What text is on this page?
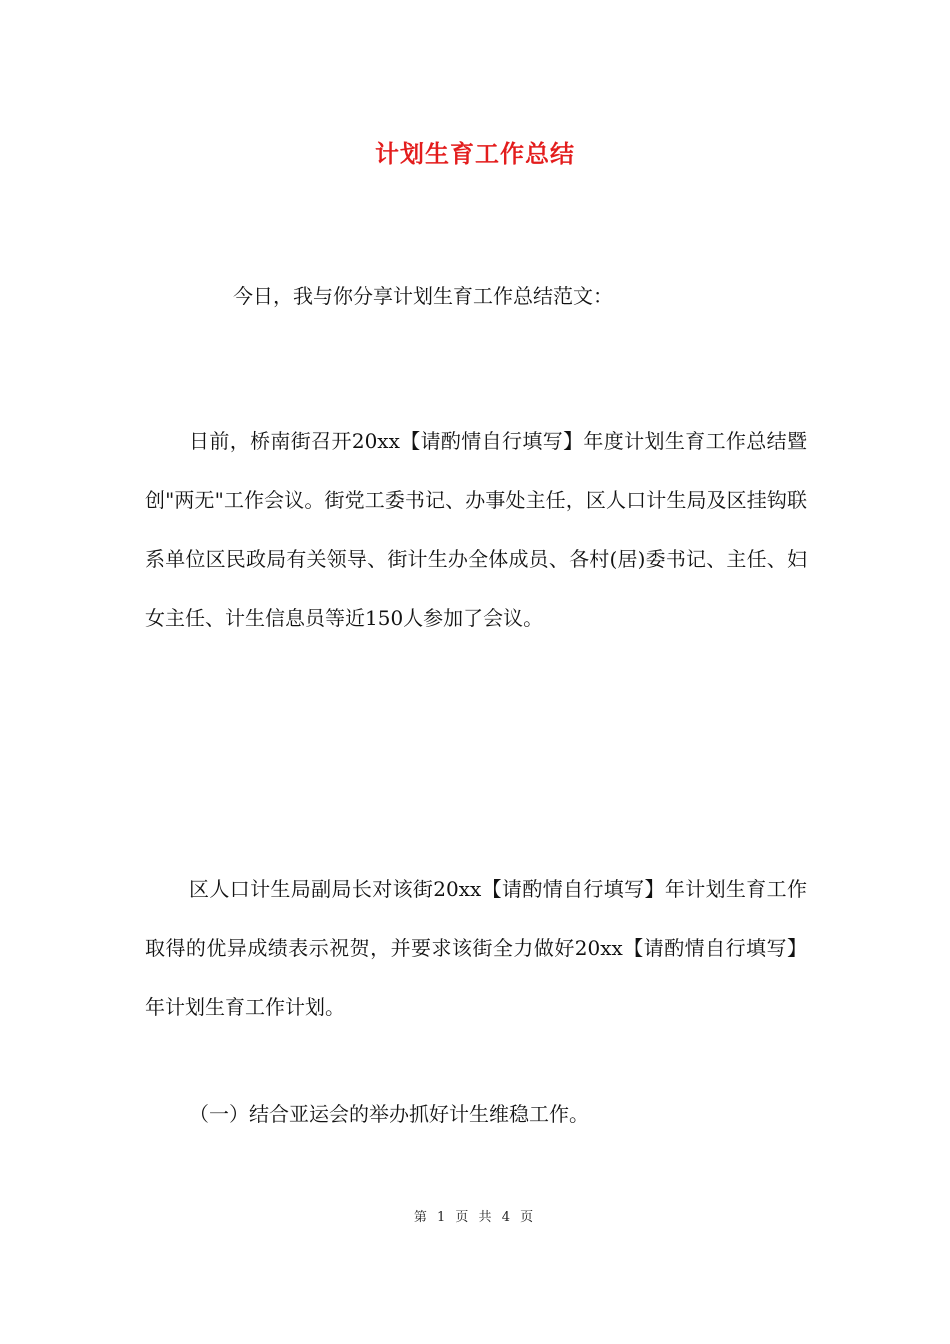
计划生育工作总结

今日，我与你分享计划生育工作总结范文：

日前，桥南街召开20xx【请酌情自行填写】年度计划生育工作总结暨创"两无"工作会议。街党工委书记、办事处主任，区人口计生局及区挂钩联系单位区民政局有关领导、街计生办全体成员、各村(居)委书记、主任、妇女主任、计生信息员等近150人参加了会议。

区人口计生局副局长对该街20xx【请酌情自行填写】年计划生育工作取得的优异成绩表示祝贺，并要求该街全力做好20xx【请酌情自行填写】年计划生育工作计划。

（一）结合亚运会的举办抓好计生维稳工作。

第 1 页 共 4 页
